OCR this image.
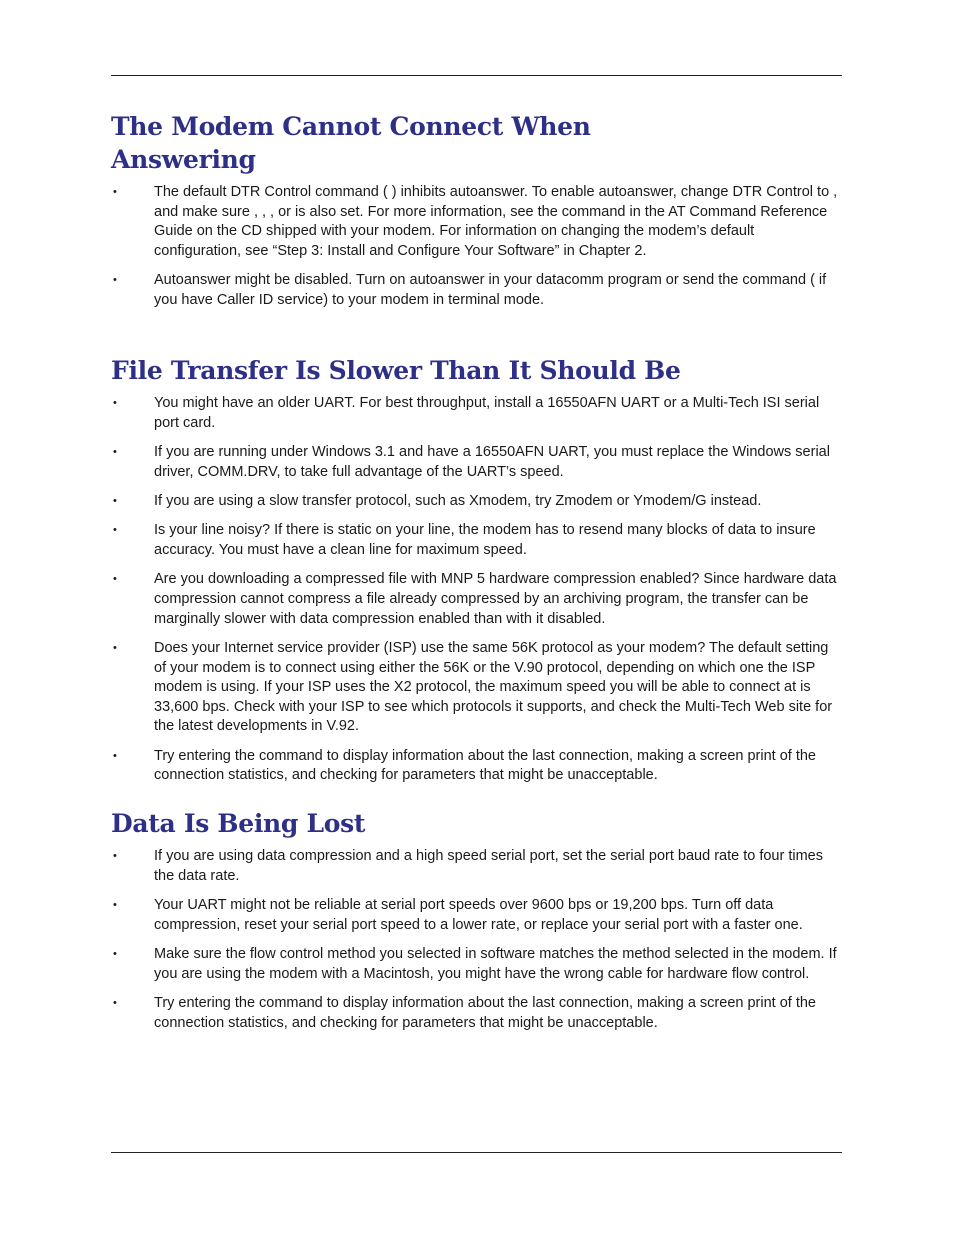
The Modem Cannot Connect When Answering
•	The default DTR Control command ( ) inhibits autoanswer. To enable autoanswer, change DTR Control to , and make sure , , , or is also set. For more information, see the command in the AT Command Reference Guide on the CD shipped with your modem. For information on changing the modem’s default configuration, see “Step 3: Install and Configure Your Software” in Chapter 2.
•	Autoanswer might be disabled. Turn on autoanswer in your datacomm program or send the command ( if you have Caller ID service) to your modem in terminal mode.
File Transfer Is Slower Than It Should Be
•	You might have an older UART. For best throughput, install a 16550AFN UART or a Multi-Tech ISI serial port card.
•	If you are running under Windows 3.1 and have a 16550AFN UART, you must replace the Windows serial driver, COMM.DRV, to take full advantage of the UART’s speed.
•	If you are using a slow transfer protocol, such as Xmodem, try Zmodem or Ymodem/G instead.
•	Is your line noisy? If there is static on your line, the modem has to resend many blocks of data to insure accuracy. You must have a clean line for maximum speed.
•	Are you downloading a compressed file with MNP 5 hardware compression enabled? Since hardware data compression cannot compress a file already compressed by an archiving program, the transfer can be marginally slower with data compression enabled than with it disabled.
•	Does your Internet service provider (ISP) use the same 56K protocol as your modem? The default setting of your modem is to connect using either the 56K or the V.90 protocol, depending on which one the ISP modem is using. If your ISP uses the X2 protocol, the maximum speed you will be able to connect at is 33,600 bps. Check with your ISP to see which protocols it supports, and check the Multi-Tech Web site for the latest developments in V.92.
•	Try entering the command to display information about the last connection, making a screen print of the connection statistics, and checking for parameters that might be unacceptable.
Data Is Being Lost
•	If you are using data compression and a high speed serial port, set the serial port baud rate to four times the data rate.
•	Your UART might not be reliable at serial port speeds over 9600 bps or 19,200 bps. Turn off data compression, reset your serial port speed to a lower rate, or replace your serial port with a faster one.
•	Make sure the flow control method you selected in software matches the method selected in the modem. If you are using the modem with a Macintosh, you might have the wrong cable for hardware flow control.
•	Try entering the command to display information about the last connection, making a screen print of the connection statistics, and checking for parameters that might be unacceptable.
